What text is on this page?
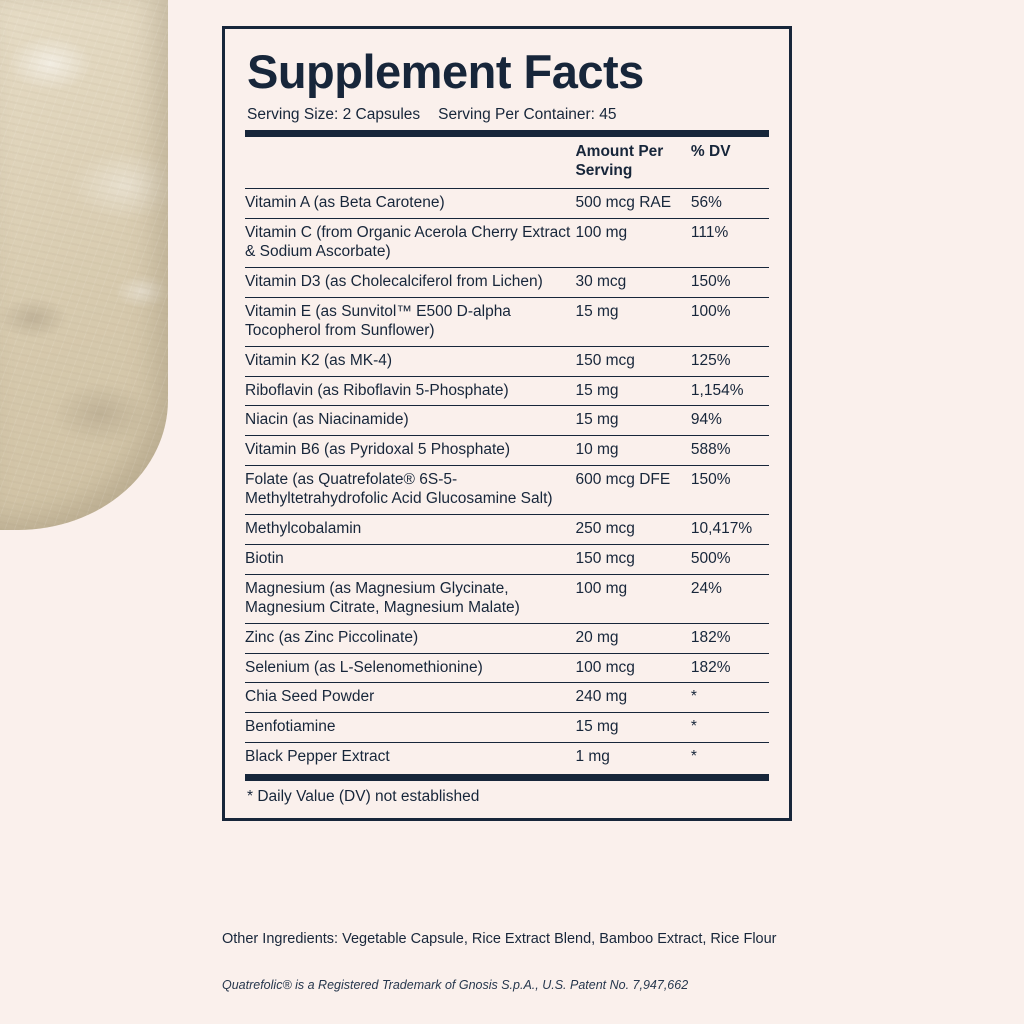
Supplement Facts
Serving Size: 2 Capsules Serving Per Container: 45
	Amount Per Serving	% DV
Vitamin A (as Beta Carotene)	500 mcg RAE	56%
Vitamin C (from Organic Acerola Cherry Extract & Sodium Ascorbate)	100 mg	111%
Vitamin D3 (as Cholecalciferol from Lichen)	30 mcg	150%
Vitamin E (as Sunvitol™ E500 D-alpha Tocopherol from Sunflower)	15 mg	100%
Vitamin K2 (as MK-4)	150 mcg	125%
Riboflavin (as Riboflavin 5-Phosphate)	15 mg	1,154%
Niacin (as Niacinamide)	15 mg	94%
Vitamin B6 (as Pyridoxal 5 Phosphate)	10 mg	588%
Folate (as Quatrefolate® 6S-5-Methyltetrahydrofolic Acid Glucosamine Salt)	600 mcg DFE	150%
Methylcobalamin	250 mcg	10,417%
Biotin	150 mcg	500%
Magnesium (as Magnesium Glycinate, Magnesium Citrate, Magnesium Malate)	100 mg	24%
Zinc (as Zinc Piccolinate)	20 mg	182%
Selenium (as L-Selenomethionine)	100 mcg	182%
Chia Seed Powder	240 mg	*
Benfotiamine	15 mg	*
Black Pepper Extract	1 mg	*
* Daily Value (DV) not established
Other Ingredients: Vegetable Capsule, Rice Extract Blend, Bamboo Extract, Rice Flour
Quatrefolic® is a Registered Trademark of Gnosis S.p.A., U.S. Patent No. 7,947,662
